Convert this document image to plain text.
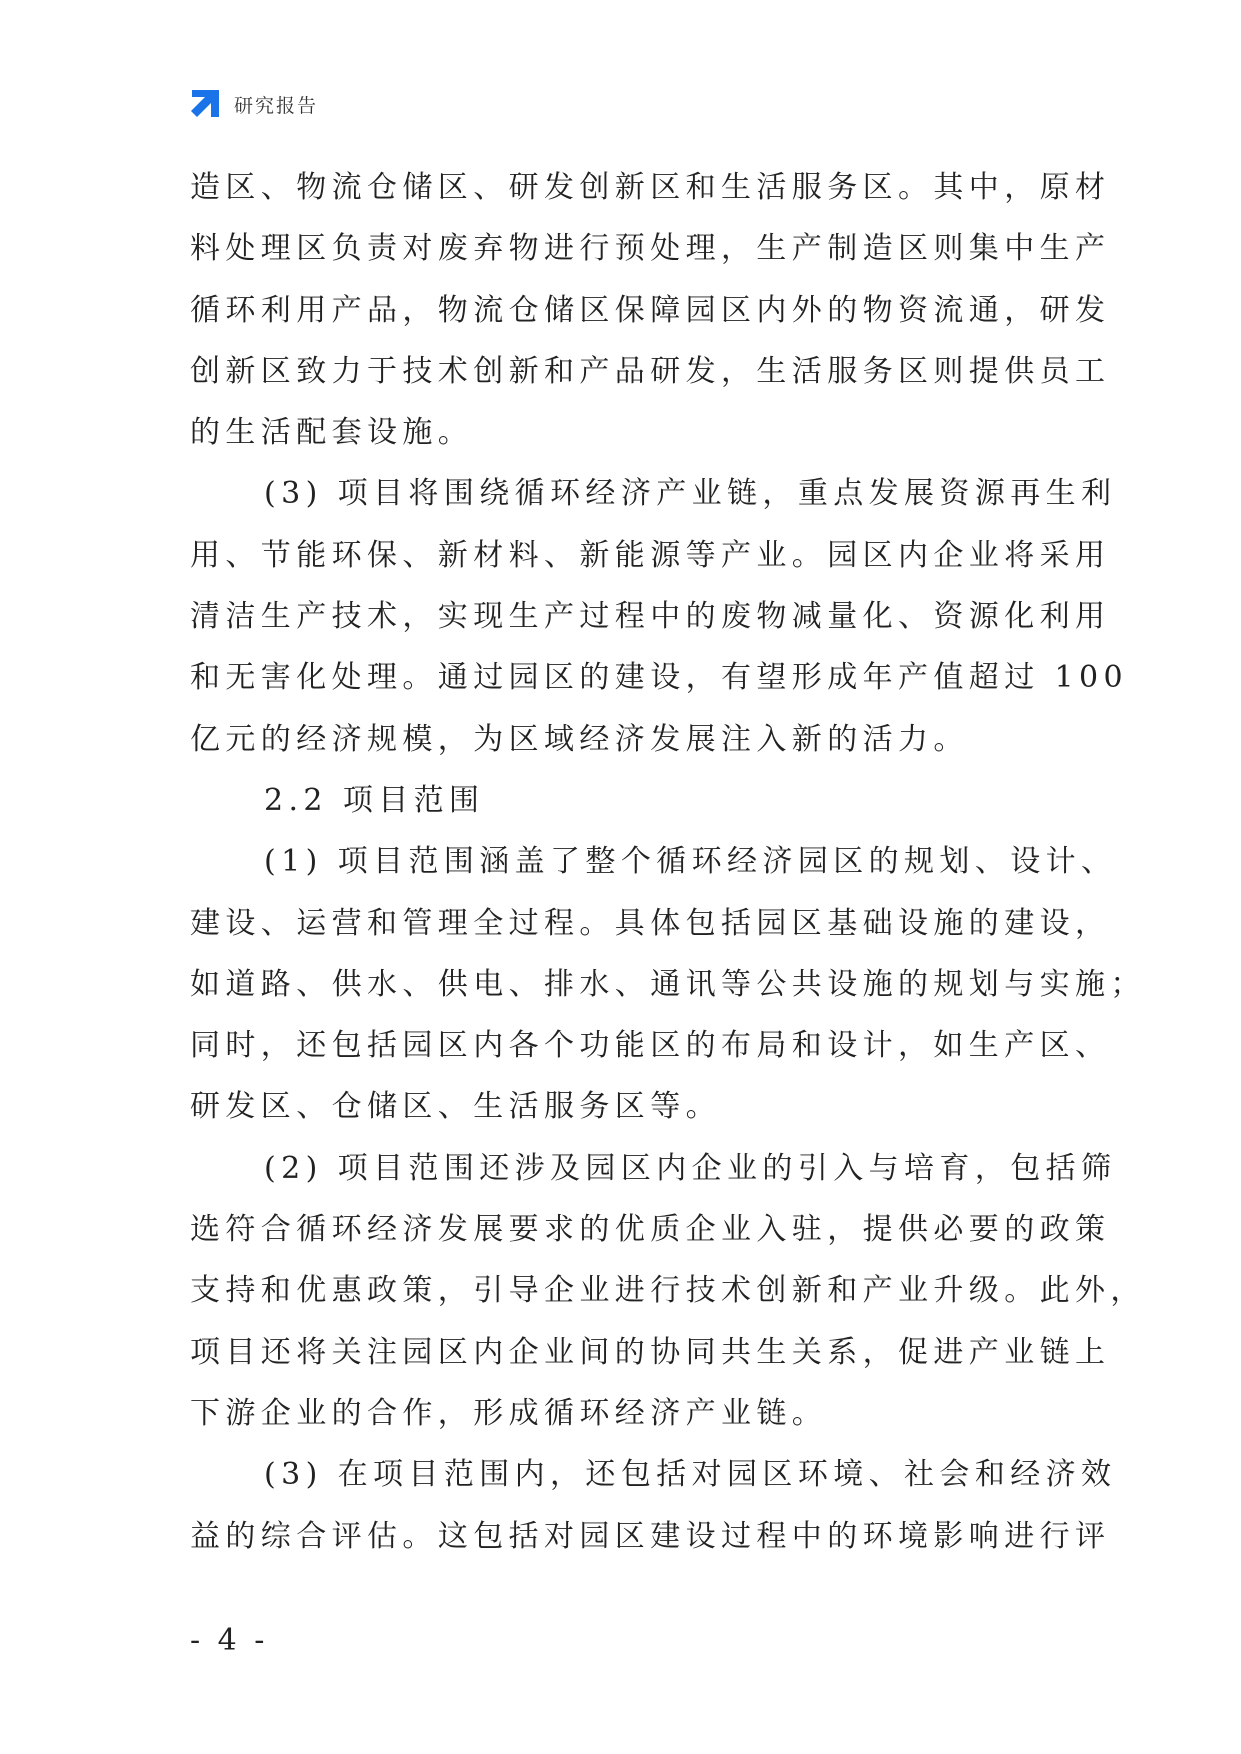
研究报告
造区、物流仓储区、研发创新区和生活服务区。其中，原材
料处理区负责对废弃物进行预处理，生产制造区则集中生产
循环利用产品，物流仓储区保障园区内外的物资流通，研发
创新区致力于技术创新和产品研发，生活服务区则提供员工
的生活配套设施。
(3) 项目将围绕循环经济产业链，重点发展资源再生利
用、节能环保、新材料、新能源等产业。园区内企业将采用
清洁生产技术，实现生产过程中的废物减量化、资源化利用
和无害化处理。通过园区的建设，有望形成年产值超过 100
亿元的经济规模，为区域经济发展注入新的活力。
2.2 项目范围
(1) 项目范围涵盖了整个循环经济园区的规划、设计、
建设、运营和管理全过程。具体包括园区基础设施的建设，
如道路、供水、供电、排水、通讯等公共设施的规划与实施；
同时，还包括园区内各个功能区的布局和设计，如生产区、
研发区、仓储区、生活服务区等。
(2) 项目范围还涉及园区内企业的引入与培育，包括筛
选符合循环经济发展要求的优质企业入驻，提供必要的政策
支持和优惠政策，引导企业进行技术创新和产业升级。此外，
项目还将关注园区内企业间的协同共生关系，促进产业链上
下游企业的合作，形成循环经济产业链。
(3) 在项目范围内，还包括对园区环境、社会和经济效
益的综合评估。这包括对园区建设过程中的环境影响进行评
- 4 -
